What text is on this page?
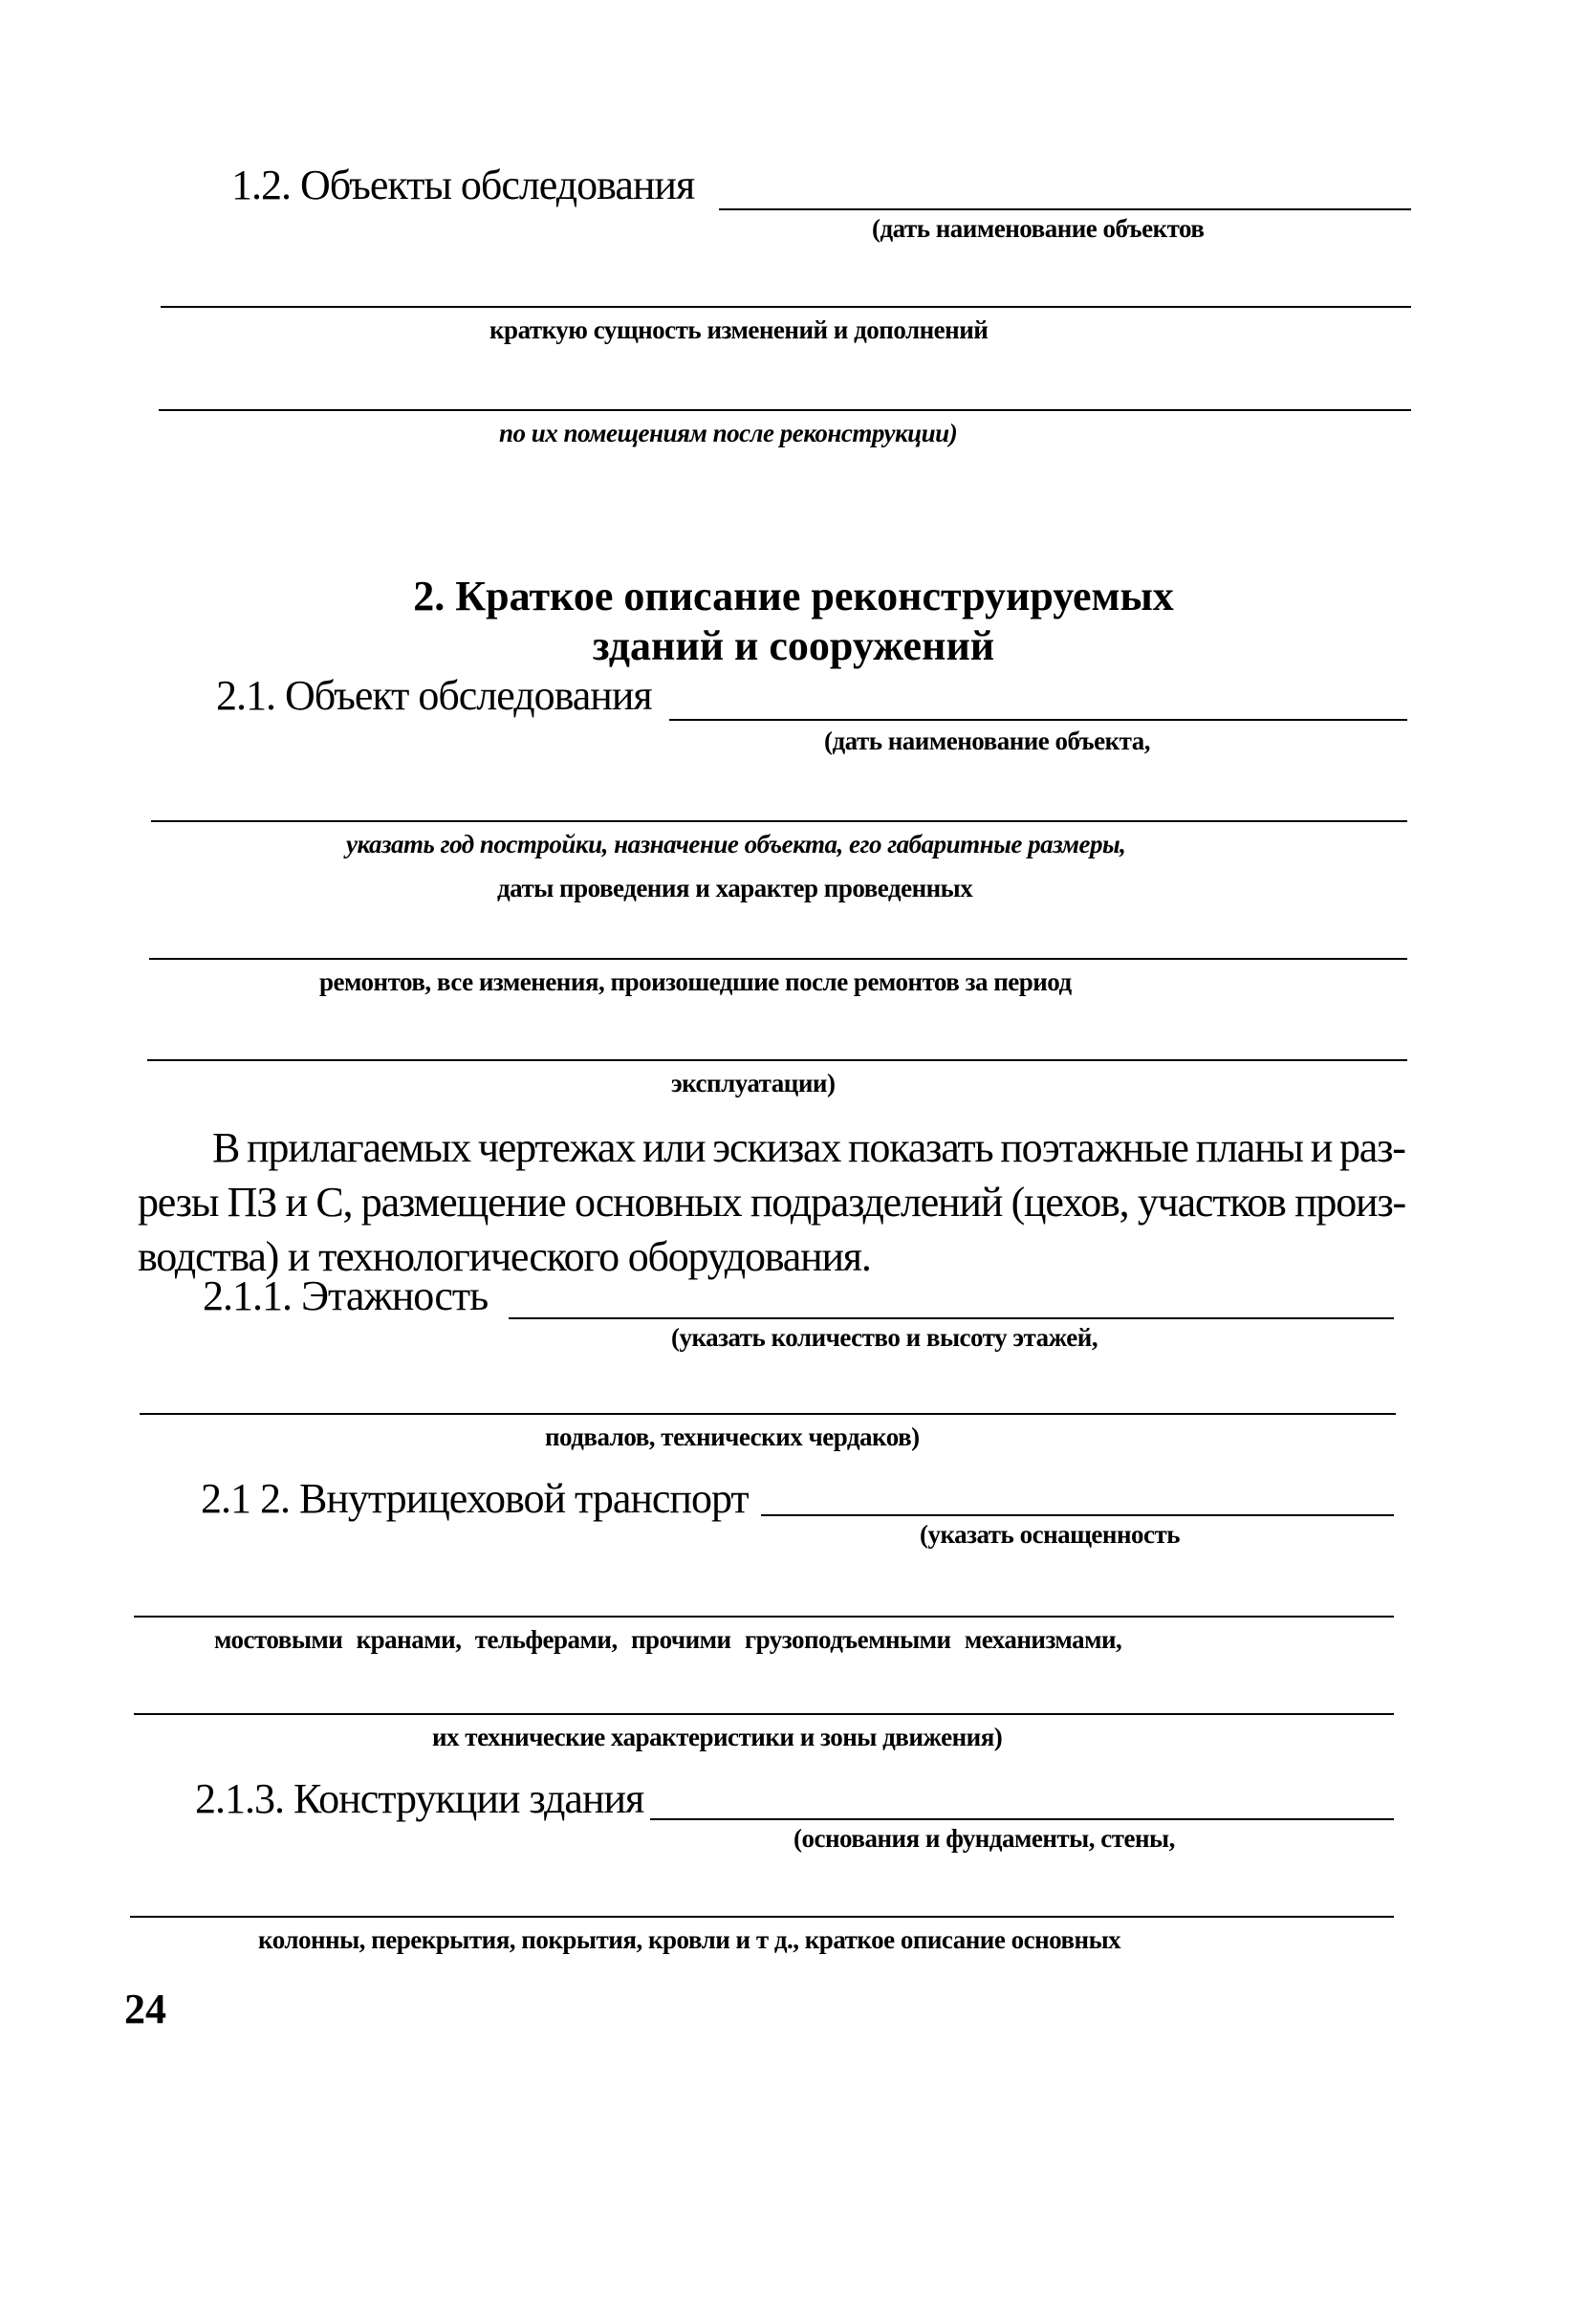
1.2. Объекты обследования
(дать наименование объектов
краткую сущность изменений и дополнений
по их помещениям после реконструкции)
2. Краткое описание реконструируемых
зданий и сооружений
2.1. Объект обследования
(дать наименование объекта,
указать год постройки, назначение объекта, его габаритные размеры,
даты проведения и характер проведенных
ремонтов, все изменения, произошедшие после ремонтов за период
эксплуатации)
В прилагаемых чертежах или эскизах показать поэтажные планы и раз-
резы ПЗ и С, размещение основных подразделений (цехов, участков произ-
водства) и технологического оборудования.
2.1.1. Этажность
(указать количество и высоту этажей,
подвалов, технических чердаков)
2.1 2. Внутрицеховой транспорт
(указать оснащенность
мостовыми кранами, тельферами, прочими грузоподъемными механизмами,
их технические характеристики и зоны движения)
2.1.3. Конструкции здания
(основания и фундаменты, стены,
колонны, перекрытия, покрытия, кровли и т д., краткое описание основных
24
